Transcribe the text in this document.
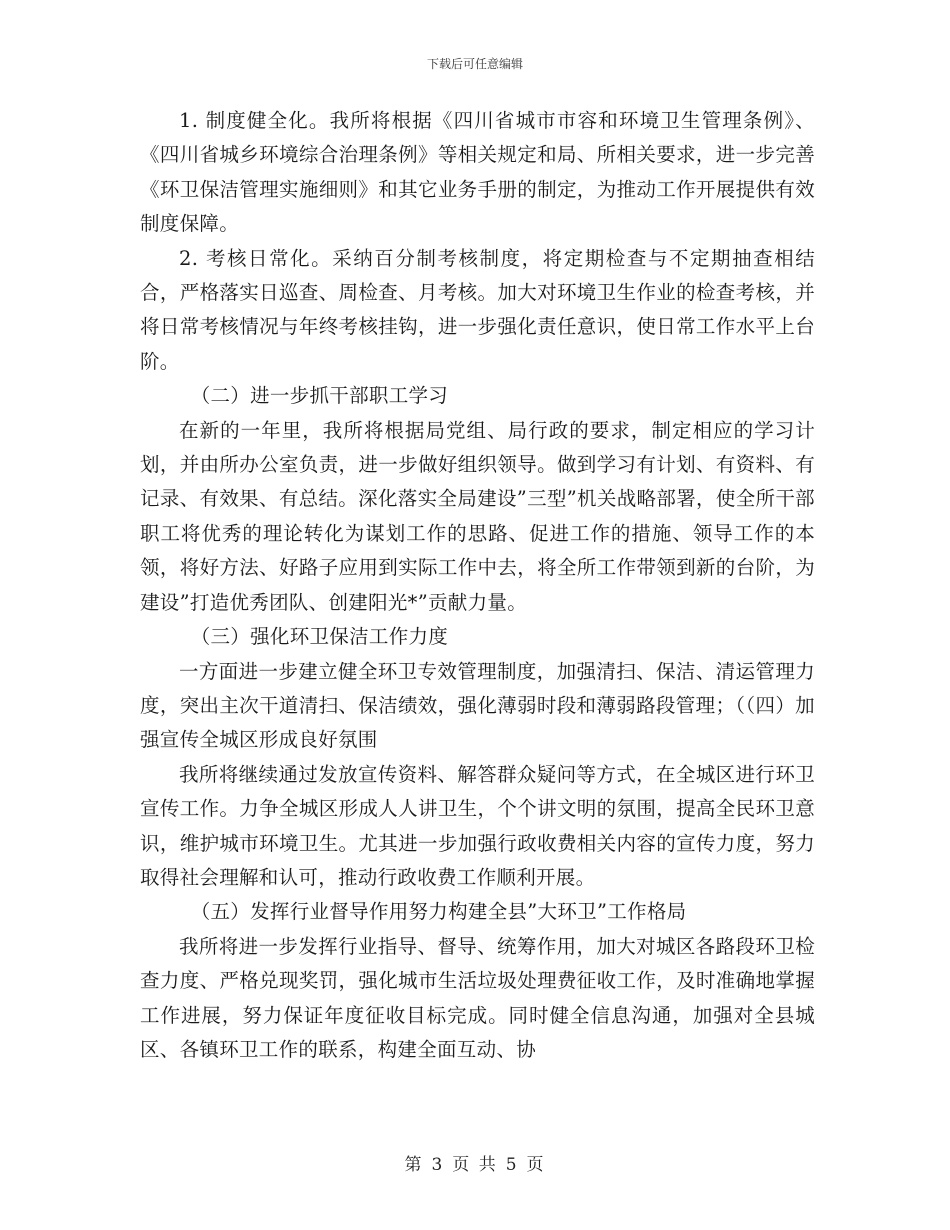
下载后可任意编辑

1. 制度健全化。我所将根据《四川省城市市容和环境卫生管理条例》、《四川省城乡环境综合治理条例》等相关规定和局、所相关要求，进一步完善《环卫保洁管理实施细则》和其它业务手册的制定，为推动工作开展提供有效制度保障。

2. 考核日常化。采纳百分制考核制度，将定期检查与不定期抽查相结合，严格落实日巡查、周检查、月考核。加大对环境卫生作业的检查考核，并将日常考核情况与年终考核挂钩，进一步强化责任意识，使日常工作水平上台阶。

（二）进一步抓干部职工学习

在新的一年里，我所将根据局党组、局行政的要求，制定相应的学习计划，并由所办公室负责，进一步做好组织领导。做到学习有计划、有资料、有记录、有效果、有总结。深化落实全局建设”三型”机关战略部署，使全所干部职工将优秀的理论转化为谋划工作的思路、促进工作的措施、领导工作的本领，将好方法、好路子应用到实际工作中去，将全所工作带领到新的台阶，为建设”打造优秀团队、创建阳光*”贡献力量。

（三）强化环卫保洁工作力度

一方面进一步建立健全环卫专效管理制度，加强清扫、保洁、清运管理力度，突出主次干道清扫、保洁绩效，强化薄弱时段和薄弱路段管理；（（四）加强宣传全城区形成良好氛围

我所将继续通过发放宣传资料、解答群众疑问等方式，在全城区进行环卫宣传工作。力争全城区形成人人讲卫生，个个讲文明的氛围，提高全民环卫意识，维护城市环境卫生。尤其进一步加强行政收费相关内容的宣传力度，努力取得社会理解和认可，推动行政收费工作顺利开展。

（五）发挥行业督导作用努力构建全县”大环卫”工作格局

我所将进一步发挥行业指导、督导、统筹作用，加大对城区各路段环卫检查力度、严格兑现奖罚，强化城市生活垃圾处理费征收工作，及时准确地掌握工作进展，努力保证年度征收目标完成。同时健全信息沟通，加强对全县城区、各镇环卫工作的联系，构建全面互动、协

第 3 页 共 5 页
